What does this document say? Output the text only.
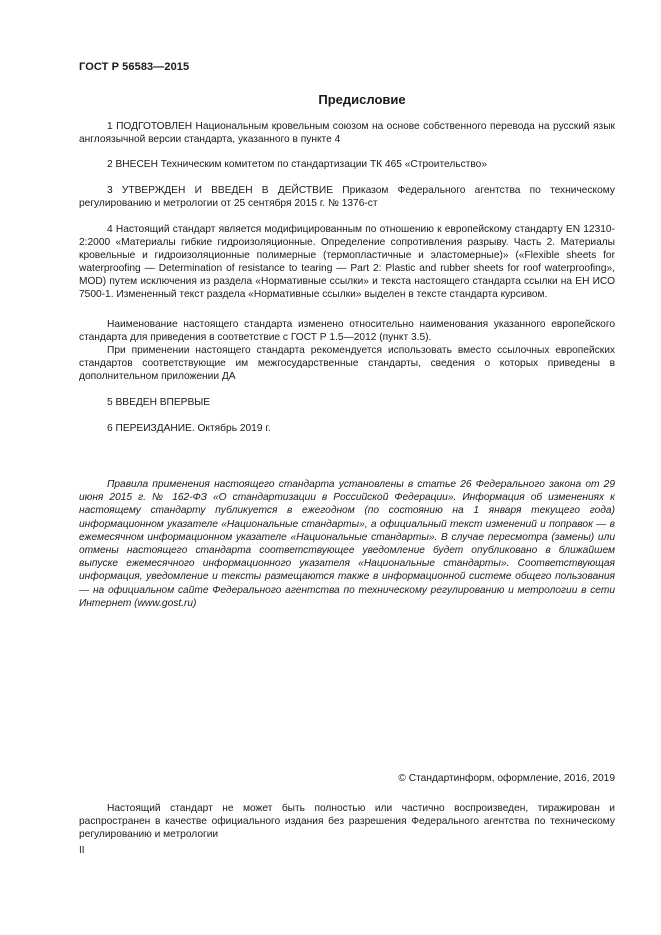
ГОСТ Р 56583—2015
Предисловие

1 ПОДГОТОВЛЕН Национальным кровельным союзом на основе собственного перевода на русский язык англоязычной версии стандарта, указанного в пункте 4

2 ВНЕСЕН Техническим комитетом по стандартизации ТК 465 «Строительство»

3 УТВЕРЖДЕН И ВВЕДЕН В ДЕЙСТВИЕ Приказом Федерального агентства по техническому регулированию и метрологии от 25 сентября 2015 г. № 1376-ст

4 Настоящий стандарт является модифицированным по отношению к европейскому стандарту EN 12310-2:2000 «Материалы гибкие гидроизоляционные. Определение сопротивления разрыву. Часть 2. Материалы кровельные и гидроизоляционные полимерные (термопластичные и эластомерные)» («Flexible sheets for waterproofing — Determination of resistance to tearing — Part 2: Plastic and rubber sheets for roof waterproofing», MOD) путем исключения из раздела «Нормативные ссылки» и текста настоящего стандарта ссылки на ЕН ИСО 7500-1. Измененный текст раздела «Нормативные ссылки» выделен в тексте стандарта курсивом.

Наименование настоящего стандарта изменено относительно наименования указанного европейского стандарта для приведения в соответствие с ГОСТ Р 1.5—2012 (пункт 3.5).

При применении настоящего стандарта рекомендуется использовать вместо ссылочных европейских стандартов соответствующие им межгосударственные стандарты, сведения о которых приведены в дополнительном приложении ДА

5 ВВЕДЕН ВПЕРВЫЕ

6 ПЕРЕИЗДАНИЕ. Октябрь 2019 г.

Правила применения настоящего стандарта установлены в статье 26 Федерального закона от 29 июня 2015 г. № 162-ФЗ «О стандартизации в Российской Федерации». Информация об изменениях к настоящему стандарту публикуется в ежегодном (по состоянию на 1 января текущего года) информационном указателе «Национальные стандарты», а официальный текст изменений и поправок — в ежемесячном информационном указателе «Национальные стандарты». В случае пересмотра (замены) или отмены настоящего стандарта соответствующее уведомление будет опубликовано в ближайшем выпуске ежемесячного информационного указателя «Национальные стандарты». Соответствующая информация, уведомление и тексты размещаются также в информационной системе общего пользования — на официальном сайте Федерального агентства по техническому регулированию и метрологии в сети Интернет (www.gost.ru)

© Стандартинформ, оформление, 2016, 2019

Настоящий стандарт не может быть полностью или частично воспроизведен, тиражирован и распространен в качестве официального издания без разрешения Федерального агентства по техническому регулированию и метрологии

II
